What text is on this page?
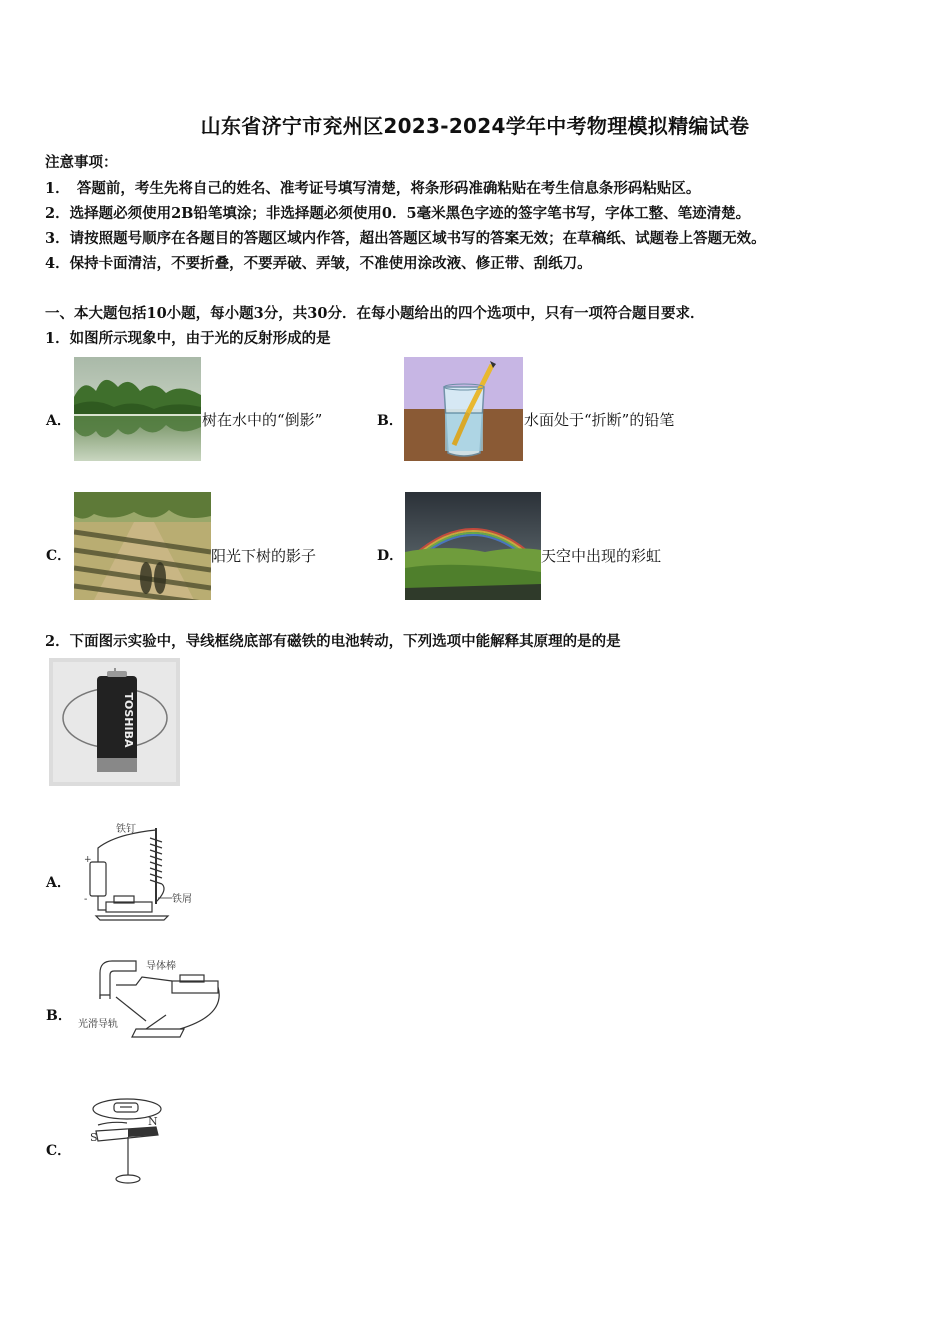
山东省济宁市兖州区2023-2024学年中考物理模拟精编试卷
注意事项：
1．　答题前，考生先将自己的姓名、准考证号填写清楚，将条形码准确粘贴在考生信息条形码粘贴区。
2．选择题必须使用2B铅笔填涂；非选择题必须使用0．5毫米黑色字迹的签字笔书写，字体工整、笔迹清楚。
3．请按照题号顺序在各题目的答题区域内作答，超出答题区域书写的答案无效；在草稿纸、试题卷上答题无效。
4．保持卡面清洁，不要折叠，不要弄破、弄皱，不准使用涂改液、修正带、刮纸刀。
一、本大题包括10小题，每小题3分，共30分．在每小题给出的四个选项中，只有一项符合题目要求．
1．如图所示现象中，由于光的反射形成的是
A．	树在水中的“倒影”	B．	水面处于“折断”的铅笔
C．	阳光下树的影子	D．	天空中出现的彩虹
2．下面图示实验中，导线框绕底部有磁铁的电池转动，下列选项中能解释其原理的是的是
TOSHIBA
A．
+
-
铁钉
铁屑
B．
导体棒
光滑导轨
C．
S
N
